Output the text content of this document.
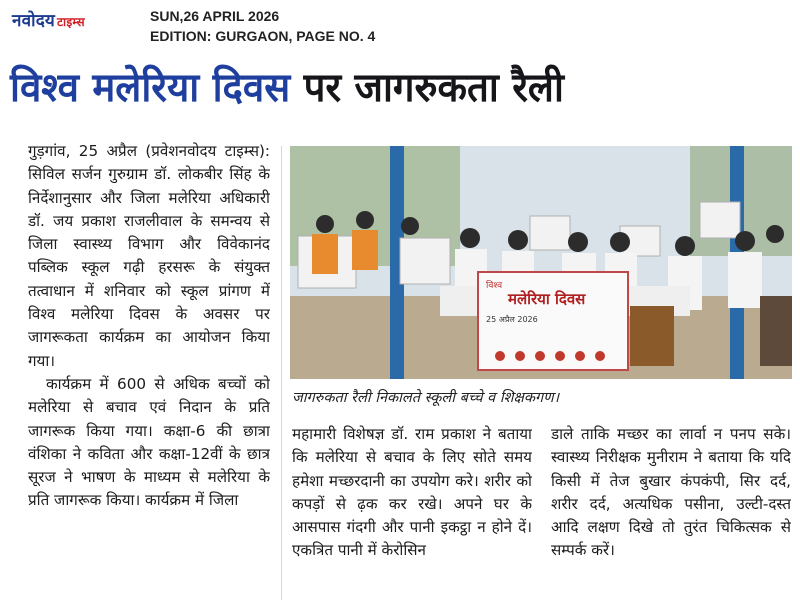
नवोदय टाइम्स	SUN,26 APRIL 2026
EDITION: GURGAON, PAGE NO. 4
विश्व मलेरिया दिवस पर जागरुकता रैली

गुड़गांव, 25 अप्रैल (प्रवेशनवोदय टाइम्स): सिविल सर्जन गुरुग्राम डॉ. लोकबीर सिंह के निर्देशानुसार और जिला मलेरिया अधिकारी डॉ. जय प्रकाश राजलीवाल के समन्वय से जिला स्वास्थ्य विभाग और विवेकानंद पब्लिक स्कूल गढ़ी हरसरू के संयुक्त तत्वाधान में शनिवार को स्कूल प्रांगण में विश्व मलेरिया दिवस के अवसर पर जागरूकता कार्यक्रम का आयोजन किया गया।

कार्यक्रम में 600 से अधिक बच्चों को मलेरिया से बचाव एवं निदान के प्रति जागरूक किया गया। कक्षा-6 की छात्रा वंशिका ने कविता और कक्षा-12वीं के छात्र सूरज ने भाषण के माध्यम से मलेरिया के प्रति जागरूक किया। कार्यक्रम में जिला

विश्व
मलेरिया दिवस
25 अप्रैल 2026
जागरुकता रैली निकालते स्कूली बच्चे व शिक्षकगण।

महामारी विशेषज्ञ डॉ. राम प्रकाश ने बताया कि मलेरिया से बचाव के लिए सोते समय हमेशा मच्छरदानी का उपयोग करे। शरीर को कपड़ों से ढ़क कर रखे। अपने घर के आसपास गंदगी और पानी इकट्ठा न होने दें। एकत्रित पानी में केरोसिन

डाले ताकि मच्छर का लार्वा न पनप सके। स्वास्थ्य निरीक्षक मुनीराम ने बताया कि यदि किसी में तेज बुखार कंपकंपी, सिर दर्द, शरीर दर्द, अत्यधिक पसीना, उल्टी-दस्त आदि लक्षण दिखे तो तुरंत चिकित्सक से सम्पर्क करें।
